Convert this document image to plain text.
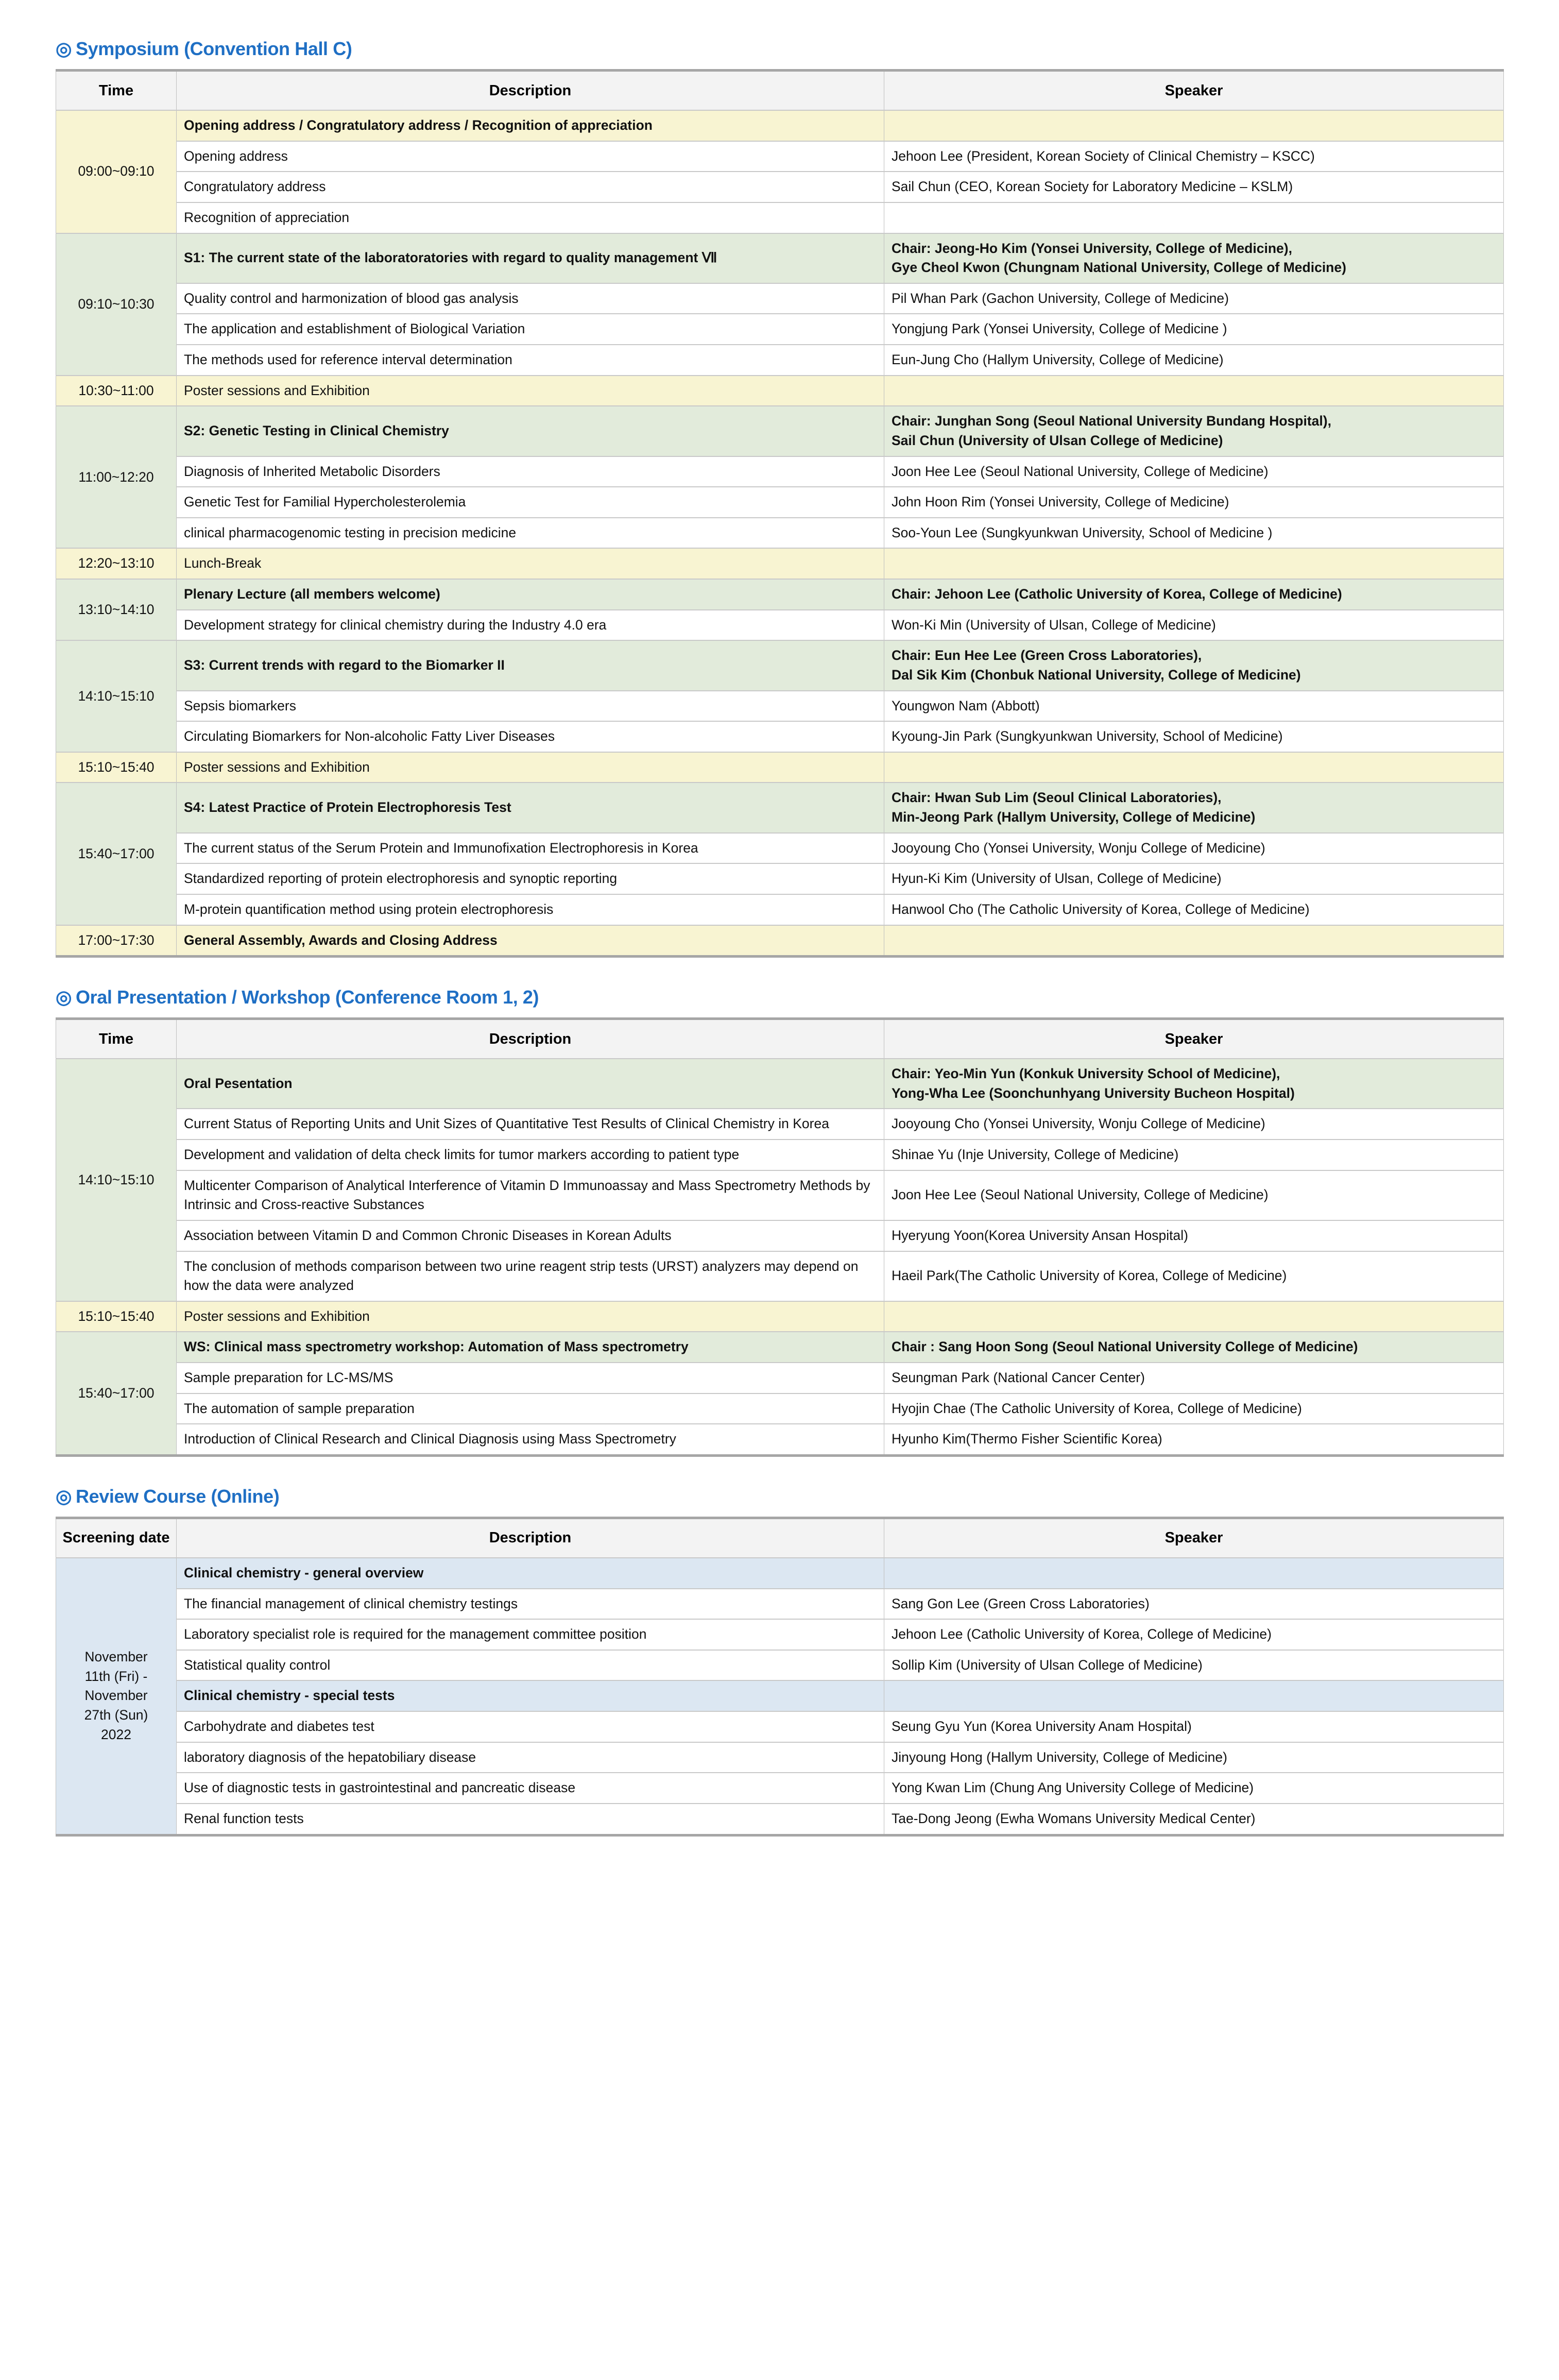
◎ Symposium (Convention Hall C)
Time	Description	Speaker
09:00~09:10	Opening address / Congratulatory address / Recognition of appreciation	
	Opening address	Jehoon Lee (President, Korean Society of Clinical Chemistry – KSCC)
	Congratulatory address	Sail Chun (CEO, Korean Society for Laboratory Medicine – KSLM)
	Recognition of appreciation	
09:10~10:30	S1: The current state of the laboratoratories with regard to quality management Ⅶ	Chair: Jeong-Ho Kim (Yonsei University, College of Medicine),
Gye Cheol Kwon (Chungnam National University, College of Medicine)
	Quality control and harmonization of blood gas analysis	Pil Whan Park (Gachon University, College of Medicine)
	The application and establishment of Biological Variation	Yongjung Park (Yonsei University, College of Medicine )
	The methods used for reference interval determination	Eun-Jung Cho (Hallym University, College of Medicine)
10:30~11:00	Poster sessions and Exhibition	
11:00~12:20	S2: Genetic Testing in Clinical Chemistry	Chair: Junghan Song (Seoul National University Bundang Hospital),
Sail Chun (University of Ulsan College of Medicine)
	Diagnosis of Inherited Metabolic Disorders	Joon Hee Lee (Seoul National University, College of Medicine)
	Genetic Test for Familial Hypercholesterolemia	John Hoon Rim (Yonsei University, College of Medicine)
	clinical pharmacogenomic testing in precision medicine	Soo-Youn Lee (Sungkyunkwan University, School of Medicine )
12:20~13:10	Lunch-Break	
13:10~14:10	Plenary Lecture (all members welcome)	Chair: Jehoon Lee (Catholic University of Korea, College of Medicine)
	Development strategy for clinical chemistry during the Industry 4.0 era	Won-Ki Min (University of Ulsan, College of Medicine)
14:10~15:10	S3: Current trends with regard to the Biomarker II	Chair: Eun Hee Lee (Green Cross Laboratories),
Dal Sik Kim (Chonbuk National University, College of Medicine)
	Sepsis biomarkers	Youngwon Nam (Abbott)
	Circulating Biomarkers for Non-alcoholic Fatty Liver Diseases	Kyoung-Jin Park (Sungkyunkwan University, School of Medicine)
15:10~15:40	Poster sessions and Exhibition	
15:40~17:00	S4: Latest Practice of Protein Electrophoresis Test	Chair: Hwan Sub Lim (Seoul Clinical Laboratories),
Min-Jeong Park (Hallym University, College of Medicine)
	The current status of the Serum Protein and Immunofixation Electrophoresis in Korea	Jooyoung Cho (Yonsei University, Wonju College of Medicine)
	Standardized reporting of protein electrophoresis and synoptic reporting	Hyun-Ki Kim (University of Ulsan, College of Medicine)
	M-protein quantification method using protein electrophoresis	Hanwool Cho (The Catholic University of Korea, College of Medicine)
17:00~17:30	General Assembly, Awards and Closing Address	
◎ Oral Presentation / Workshop (Conference Room 1, 2)
Time	Description	Speaker
14:10~15:10	Oral Pesentation	Chair: Yeo-Min Yun (Konkuk University School of Medicine),
Yong-Wha Lee (Soonchunhyang University Bucheon Hospital)
	Current Status of Reporting Units and Unit Sizes of Quantitative Test Results of Clinical Chemistry in Korea	Jooyoung Cho (Yonsei University, Wonju College of Medicine)
	Development and validation of delta check limits for tumor markers according to patient type	Shinae Yu (Inje University, College of Medicine)
	Multicenter Comparison of Analytical Interference of Vitamin D Immunoassay and Mass Spectrometry Methods by Intrinsic and Cross-reactive Substances	Joon Hee Lee (Seoul National University, College of Medicine)
	Association between Vitamin D and Common Chronic Diseases in Korean Adults	Hyeryung Yoon(Korea University Ansan Hospital)
	The conclusion of methods comparison between two urine reagent strip tests (URST) analyzers may depend on how the data were analyzed	Haeil Park(The Catholic University of Korea, College of Medicine)
15:10~15:40	Poster sessions and Exhibition	
15:40~17:00	WS: Clinical mass spectrometry workshop: Automation of Mass spectrometry	Chair : Sang Hoon Song (Seoul National University College of Medicine)
	Sample preparation for LC-MS/MS	Seungman Park (National Cancer Center)
	The automation of sample preparation	Hyojin Chae (The Catholic University of Korea, College of Medicine)
	Introduction of Clinical Research and Clinical Diagnosis using Mass Spectrometry	Hyunho Kim(Thermo Fisher Scientific Korea)
◎ Review Course (Online)
Screening date	Description	Speaker
November
11th (Fri) -
November
27th (Sun)
2022	Clinical chemistry - general overview	
	The financial management of clinical chemistry testings	Sang Gon Lee (Green Cross Laboratories)
	Laboratory specialist role is required for the management committee position	Jehoon Lee (Catholic University of Korea, College of Medicine)
	Statistical quality control	Sollip Kim (University of Ulsan College of Medicine)
	Clinical chemistry - special tests	
	Carbohydrate and diabetes test	Seung Gyu Yun (Korea University Anam Hospital)
	laboratory diagnosis of the hepatobiliary disease	Jinyoung Hong (Hallym University, College of Medicine)
	Use of diagnostic tests in gastrointestinal and pancreatic disease	Yong Kwan Lim (Chung Ang University College of Medicine)
	Renal function tests	Tae-Dong Jeong (Ewha Womans University Medical Center)
